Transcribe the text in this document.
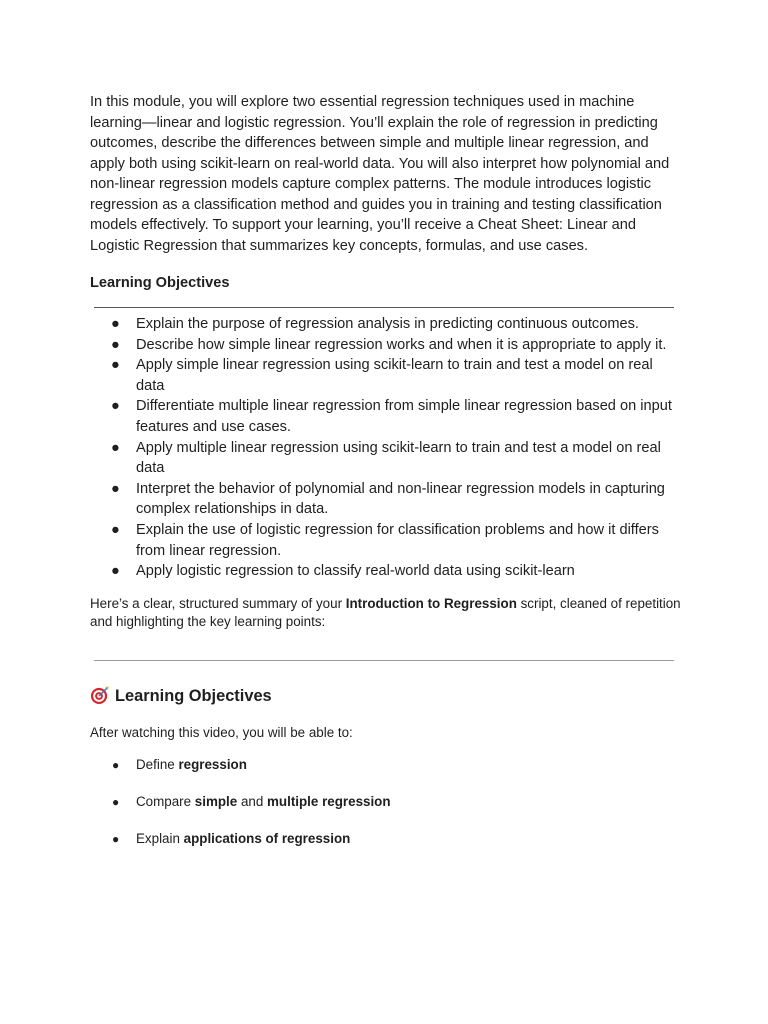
In this module, you will explore two essential regression techniques used in machine learning—linear and logistic regression. You’ll explain the role of regression in predicting outcomes, describe the differences between simple and multiple linear regression, and apply both using scikit-learn on real-world data. You will also interpret how polynomial and non-linear regression models capture complex patterns. The module introduces logistic regression as a classification method and guides you in training and testing classification models effectively. To support your learning, you’ll receive a Cheat Sheet: Linear and Logistic Regression that summarizes key concepts, formulas, and use cases.

Learning Objectives
● Explain the purpose of regression analysis in predicting continuous outcomes.
● Describe how simple linear regression works and when it is appropriate to apply it.
● Apply simple linear regression using scikit-learn to train and test a model on real data
● Differentiate multiple linear regression from simple linear regression based on input features and use cases.
● Apply multiple linear regression using scikit-learn to train and test a model on real data
● Interpret the behavior of polynomial and non-linear regression models in capturing complex relationships in data.
● Explain the use of logistic regression for classification problems and how it differs from linear regression.
● Apply logistic regression to classify real-world data using scikit-learn

Here’s a clear, structured summary of your Introduction to Regression script, cleaned of repetition and highlighting the key learning points:

Learning Objectives

After watching this video, you will be able to:

● Define regression
● Compare simple and multiple regression
● Explain applications of regression
